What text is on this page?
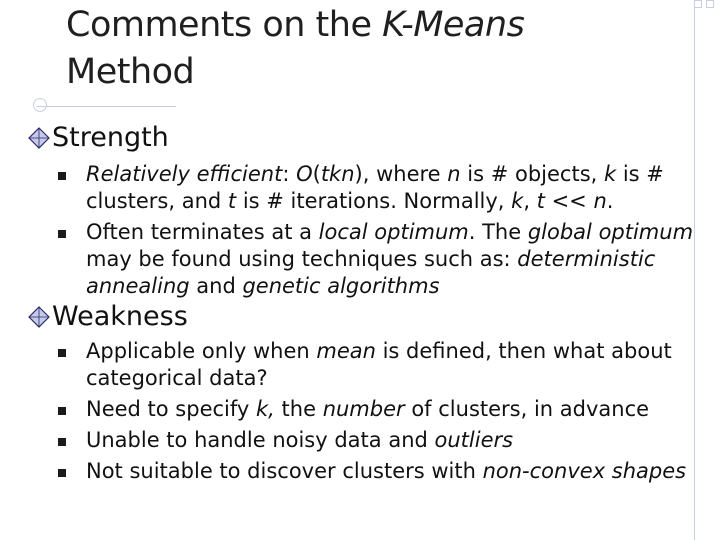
Comments on the K-Means
Method
Strength
Relatively efficient: O(tkn), where n is # objects, k is # clusters, and t is # iterations. Normally, k, t << n.
Often terminates at a local optimum. The global optimum may be found using techniques such as: deterministic annealing and genetic algorithms
Weakness
Applicable only when mean is defined, then what about categorical data?
Need to specify k, the number of clusters, in advance
Unable to handle noisy data and outliers
Not suitable to discover clusters with non-convex shapes
